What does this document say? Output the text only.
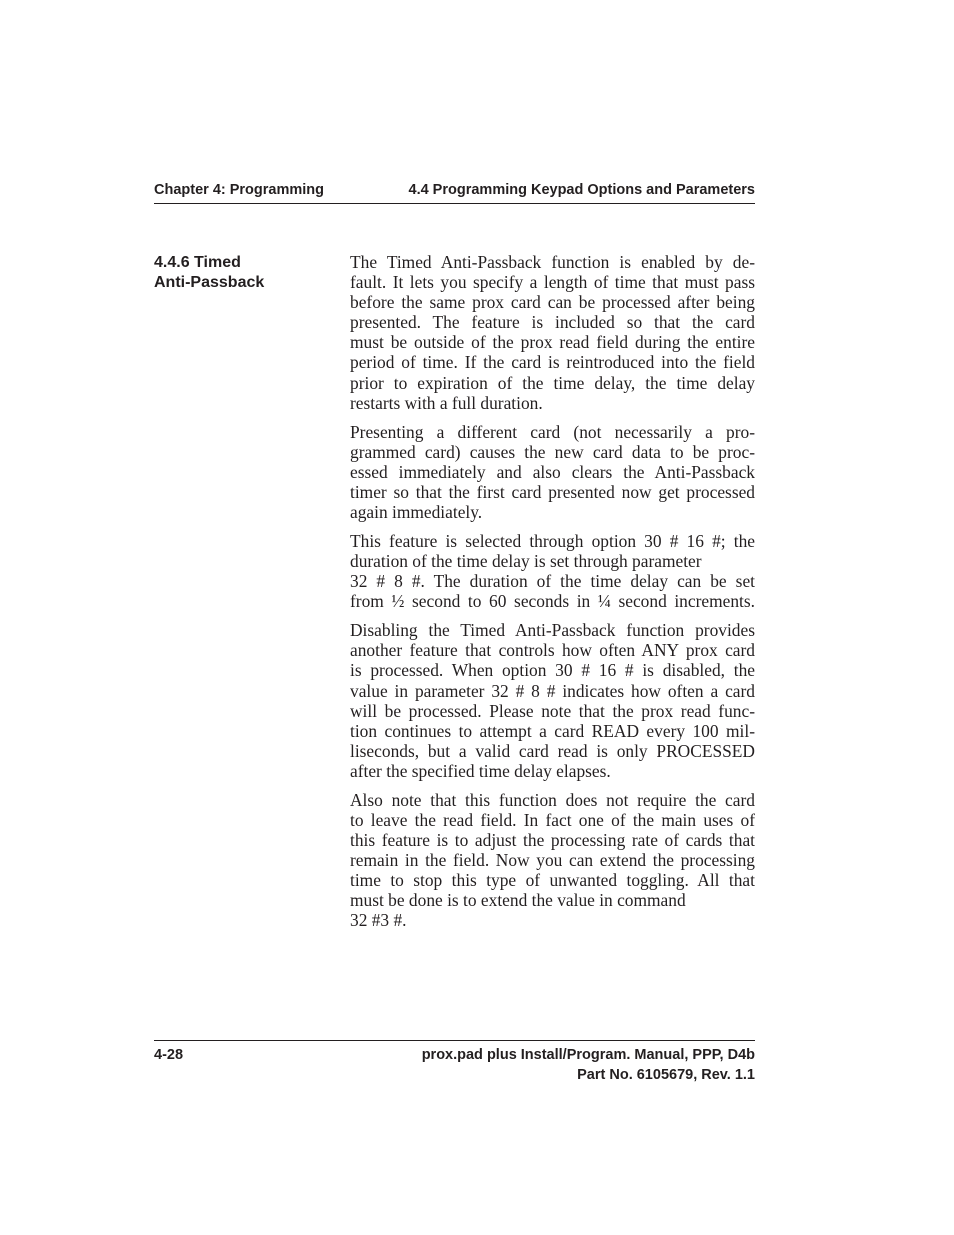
Chapter 4: Programming	4.4 Programming Keypad Options and Parameters
4.4.6 Timed
Anti-Passback

The Timed Anti-Passback function is enabled by de-
fault. It lets you specify a length of time that must pass
before the same prox card can be processed after being
presented. The feature is included so that the card
must be outside of the prox read field during the entire
period of time. If the card is reintroduced into the field
prior to expiration of the time delay, the time delay
restarts with a full duration.

Presenting a different card (not necessarily a pro-
grammed card) causes the new card data to be proc-
essed immediately and also clears the Anti-Passback
timer so that the first card presented now get processed
again immediately.

This feature is selected through option 30 # 16 #; the
duration of the time delay is set through parameter
32 # 8 #. The duration of the time delay can be set
from ½ second to 60 seconds in ¼ second increments.

Disabling the Timed Anti-Passback function provides
another feature that controls how often ANY prox card
is processed. When option 30 # 16 # is disabled, the
value in parameter 32 # 8 # indicates how often a card
will be processed. Please note that the prox read func-
tion continues to attempt a card READ every 100 mil-
liseconds, but a valid card read is only PROCESSED
after the specified time delay elapses.

Also note that this function does not require the card
to leave the read field. In fact one of the main uses of
this feature is to adjust the processing rate of cards that
remain in the field. Now you can extend the processing
time to stop this type of unwanted toggling. All that
must be done is to extend the value in command
32 #3 #.

4-28	prox.pad plus Install/Program. Manual, PPP, D4b
Part No. 6105679, Rev. 1.1
